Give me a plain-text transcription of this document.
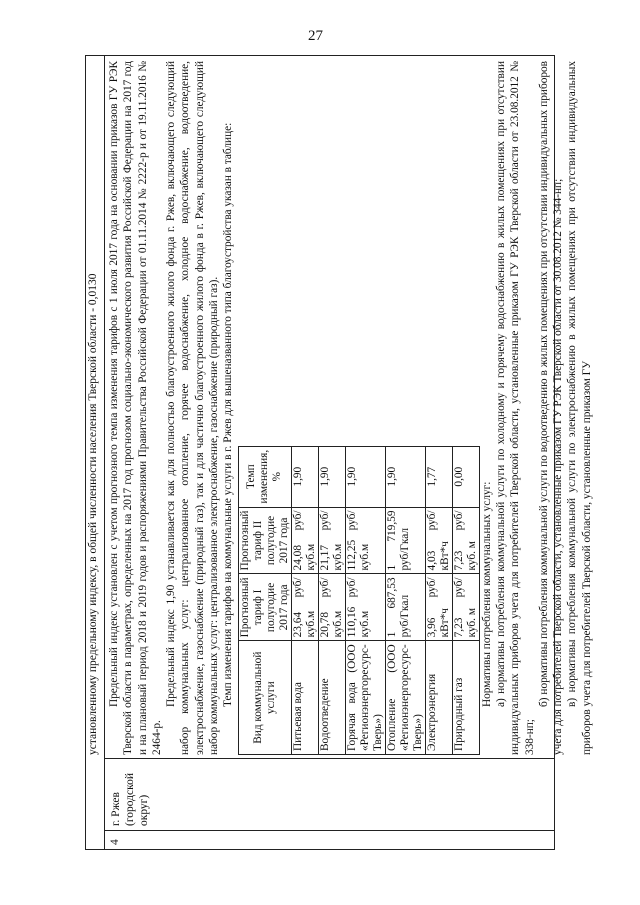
27
установленному предельному индексу, в общей численности населения Тверской области - 0,0130
4
г. Ржев (городской округ)

Предельный индекс установлен с учетом прогнозного темпа изменения тарифов с 1 июля 2017 года на основании приказов ГУ РЭК Тверской области в параметрах, определенных на 2017 год прогнозом социально-экономического развития Российской Федерации на 2017 год и на плановый период 2018 и 2019 годов и распоряжениями Правительства Российской Федерации от 01.11.2014 № 2222-р и от 19.11.2016 № 2464-р.

Предельный индекс 1,90 устанавливается как для полностью благоустроенного жилого фонда г. Ржев, включающего следующий набор коммунальных услуг: централизованное отопление, горячее водоснабжение, холодное водоснабжение, водоотведение, электроснабжение, газоснабжение (природный газ), так и для частично благоустроенного жилого фонда в г. Ржев, включающего следующий набор коммунальных услуг: централизованное электроснабжение, газоснабжение (природный газ). Темп изменения тарифов на коммунальные услуги в г. Ржев для вышеназванного типа благоустройства указан в таблице: Вид коммунальной услуги	Прогнозный тариф I полугодие 2017 года	Прогнозный тариф II полугодие 2017 года	Темп изменения, %
Питьевая вода	23,64 руб/куб.м	24,08 руб/куб.м	1,90
Водоотведение	20,78 руб/куб.м	21,17 руб/куб.м	1,90
Горячая вода (ООО «Регионэнергоресурс-Тверь»)	110,16 руб/куб.м	112,25 руб/куб.м	1,90
Отопление (ООО «Регионэнергоресурс-Тверь»)	1 687,53 руб/Гкал	1 719,59 руб/Гкал	1,90
Электроэнергия	3,96 руб/кВт*ч	4,03 руб/кВт*ч	1,77
Природный газ	7,23 руб/куб. м	7,23 руб/куб. м	0,00

Нормативы потребления коммунальных услуг: а) нормативы потребления коммунальной услуги по холодному и горячему водоснабжению в жилых помещениях при отсутствии индивидуальных приборов учета для потребителей Тверской области, установленные приказом ГУ РЭК Тверской области от 23.08.2012 № 338-нп;

б) нормативы потребления коммунальной услуги по водоотведению в жилых помещениях при отсутствии индивидуальных приборов учета для потребителей Тверской области, установленные приказом ГУ РЭК Тверской области от 30.08.2012 № 344-нп; в) нормативы потребления коммунальной услуги по электроснабжению в жилых помещениях при отсутствии индивидуальных приборов учета для потребителей Тверской области, установленные приказом ГУ
